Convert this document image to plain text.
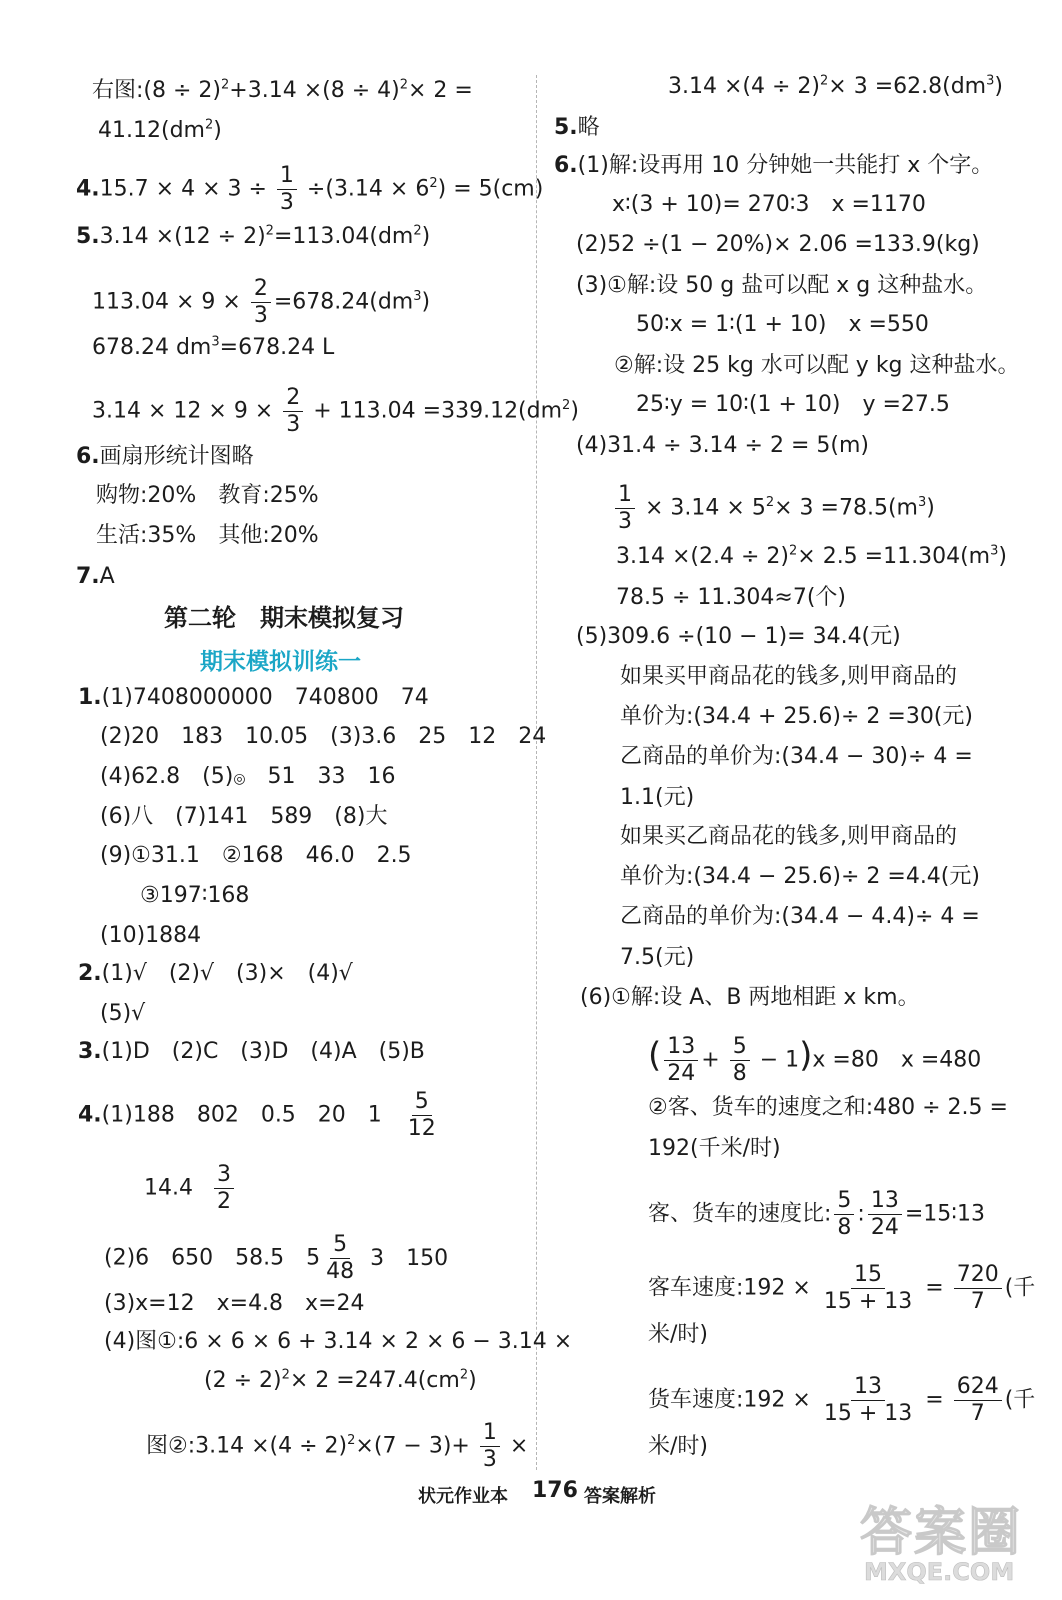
右图:(8 ÷ $2)^2+3.14 \times(8 \div 4)^2\times 2$ =
$41.12(dm^2)$
$4.15.7 \times 4 \times 3 \div \frac{1}{3} \div(3.14 \times 6^2) = 5(cm)$
$5.3.14 \times(12 \div 2)^2=113.04(dm^2)$
$113.04 \times 9 \times \frac{2}{3} =678.24(dm^3)$
678.24 $dm^3=678.24$ L
$3.14 \times 12 \times 9 \times \frac{2}{3} + 113.04 =339.12(dm^2)$
6.画扇形统计图略
购物:20%　 教育:25%
生活:35%　 其他:20%
7.A
第二轮　期末模拟复习
期末模拟训练一
1.(1)7408000000　740800　74
(2)20　183　10.05　(3)3.6　25　12　24
(4)62.8　(5)◎　51　33　16
(6)八　(7)141　589　(8)大
(9)①31.1　②168　46.0　2.5
③197∶168
(10)1884
2.(1)√　(2)√　(3)×　(4)√
(5)√
3.(1)D　(2)C　(3)D　(4)A　(5)B
4.(1)188　802　0.5　20　$1 \frac{5}{12}$
$14.4 \frac{3}{2}$
(2)6　650　58.5　$5 \frac{5}{48} 3$　150
(3)x=12　x=4.8　x=24
(4)图①:6 × 6 × 6 + 3.14 × 2 × 6 − 3.14 ×
$(2 \div 2)^2\times 2 =247.4(cm^2)$
图②:3.14 $\times(4 \div 2)^2\times(7 - 3)+ \frac{1}{3}$ ×
$3.14 \times(4 \div 2)^2\times 3 =62.8(dm^3)$
5.略
6.(1)解:设再用 10 分钟她一共能打 x 个字。
x∶(3 + 10)= 270∶3　x =1170
(2)52 ÷(1 − 20%)× 2.06 =133.9(kg)
(3)①解:设 50 g 盐可以配 x g 这种盐水。
50∶x = 1∶(1 + 10)　x =550
②解:设 25 kg 水可以配 y kg 这种盐水。
25∶y = 10∶(1 + 10)　y =27.5
(4)31.4 ÷ 3.14 ÷ 2 = 5(m)
$\frac{1}{3} \times 3.14 \times 5^2\times 3 =78.5(m^3)$
$3.14 \times(2.4 \div 2)^2\times 2.5 =11.304(m^3)$
78.5 ÷ 11.304≈7(个)
(5)309.6 ÷(10 − 1)= 34.4(元)
如果买甲商品花的钱多,则甲商品的
单价为:(34.4 + 25.6)÷ 2 =30(元)
乙商品的单价为:(34.4 − 30)÷ 4 =
1.1(元)
如果买乙商品花的钱多,则甲商品的
单价为:(34.4 − 25.6)÷ 2 =4.4(元)
乙商品的单价为:(34.4 − 4.4)÷ 4 =
7.5(元)
(6)①解:设 A、B 两地相距 x km。
( $\frac{13}{24} + \frac{5}{8} - 1)x =80$　x =480
②客、货车的速度之和:480 ÷ 2.5 =
192(千米/时)
客、货车的速度比: $\frac{5}{8}$ : $\frac{13}{24}$ =15∶13
客车速度:192 × $\frac{15}{15 + 13} = \frac{720}{7}$ (千
米/时)
货车速度:192 × $\frac{13}{15 + 13} = \frac{624}{7}$ (千
米/时)
状元作业本 176 答案解析
答案圈
MXQE.COM
